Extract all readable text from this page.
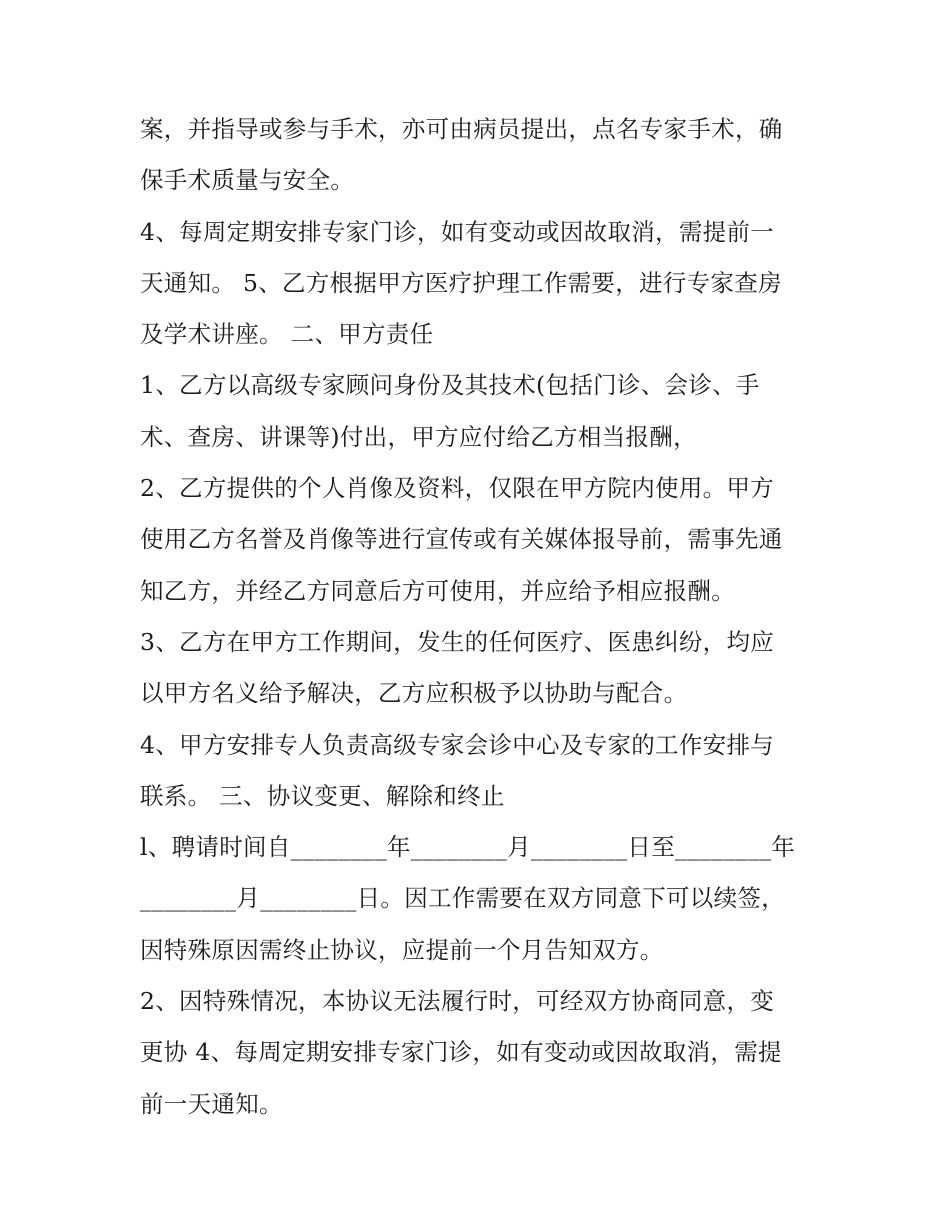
案，并指导或参与手术，亦可由病员提出，点名专家手术，确
保手术质量与安全。
4、每周定期安排专家门诊，如有变动或因故取消，需提前一
天通知。 5、乙方根据甲方医疗护理工作需要，进行专家查房
及学术讲座。 二、甲方责任
1、乙方以高级专家顾问身份及其技术(包括门诊、会诊、手
术、查房、讲课等)付出，甲方应付给乙方相当报酬，
2、乙方提供的个人肖像及资料，仅限在甲方院内使用。甲方
使用乙方名誉及肖像等进行宣传或有关媒体报导前，需事先通
知乙方，并经乙方同意后方可使用，并应给予相应报酬。
3、乙方在甲方工作期间，发生的任何医疗、医患纠纷，均应
以甲方名义给予解决，乙方应积极予以协助与配合。
4、甲方安排专人负责高级专家会诊中心及专家的工作安排与
联系。 三、协议变更、解除和终止
l、聘请时间自________年________月________日至________年
________月________日。因工作需要在双方同意下可以续签，
因特殊原因需终止协议，应提前一个月告知双方。
2、因特殊情况，本协议无法履行时，可经双方协商同意，变
更协 4、每周定期安排专家门诊，如有变动或因故取消，需提
前一天通知。
